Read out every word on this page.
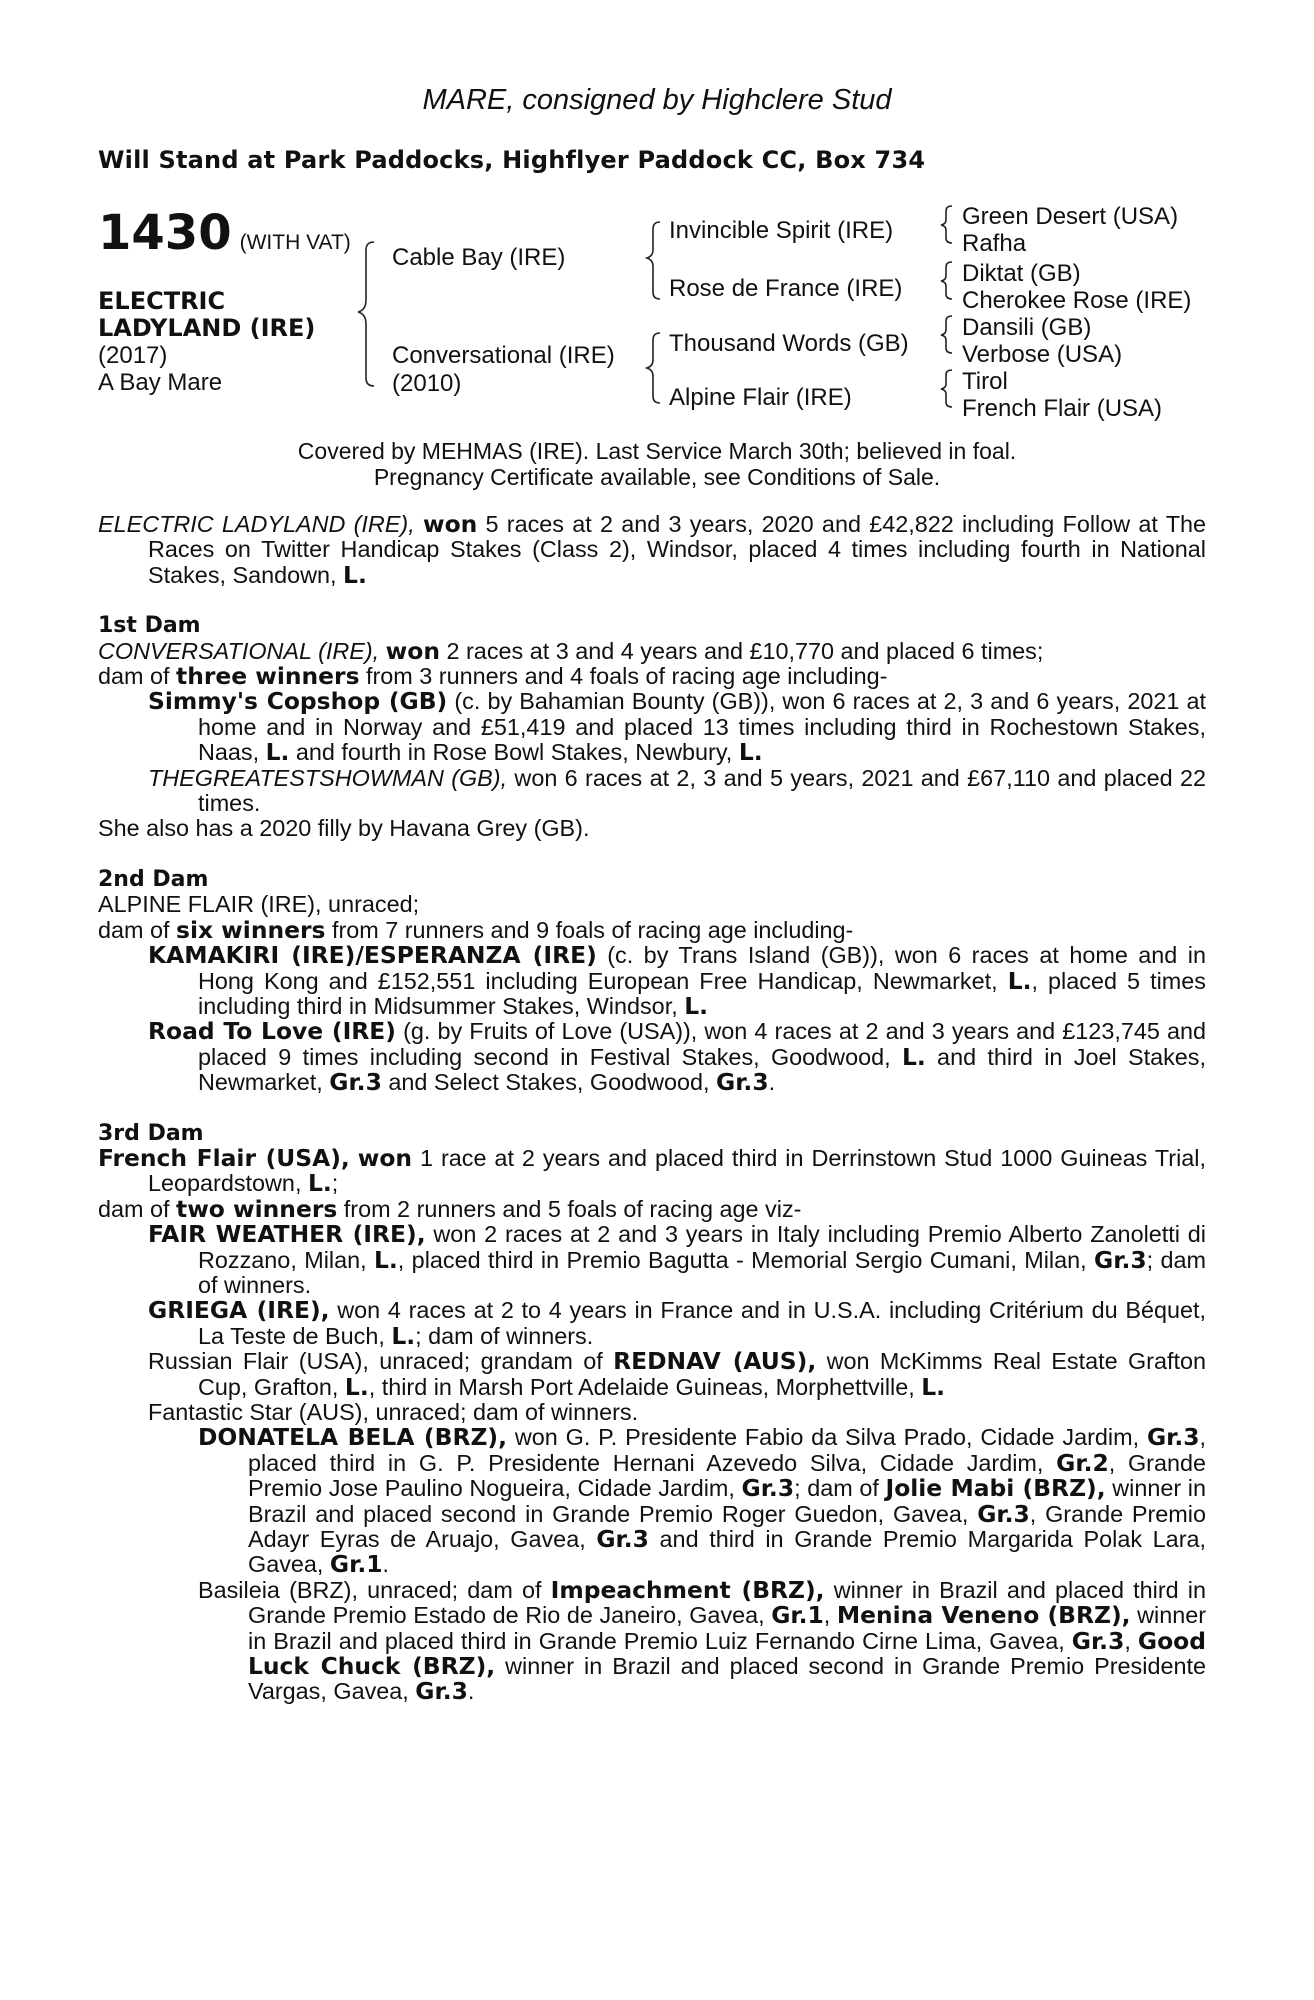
MARE, consigned by Highclere Stud
Will Stand at Park Paddocks, Highflyer Paddock CC, Box 734
1430 (WITH VAT)
ELECTRIC
LADYLAND (IRE)
(2017)
A Bay Mare
Cable Bay (IRE)
Conversational (IRE)
(2010)
Invincible Spirit (IRE)
Rose de France (IRE)
Thousand Words (GB)
Alpine Flair (IRE)
Green Desert (USA)
Rafha
Diktat (GB)
Cherokee Rose (IRE)
Dansili (GB)
Verbose (USA)
Tirol
French Flair (USA)
Covered by MEHMAS (IRE). Last Service March 30th; believed in foal.
Pregnancy Certificate available, see Conditions of Sale.

ELECTRIC LADYLAND (IRE), won 5 races at 2 and 3 years, 2020 and £42,822 including Follow at The Races on Twitter Handicap Stakes (Class 2), Windsor, placed 4 times including fourth in National Stakes, Sandown, L.

1st Dam

CONVERSATIONAL (IRE), won 2 races at 3 and 4 years and £10,770 and placed 6 times;

dam of three winners from 3 runners and 4 foals of racing age including-

Simmy's Copshop (GB) (c. by Bahamian Bounty (GB)), won 6 races at 2, 3 and 6 years, 2021 at home and in Norway and £51,419 and placed 13 times including third in Rochestown Stakes, Naas, L. and fourth in Rose Bowl Stakes, Newbury, L.

THEGREATESTSHOWMAN (GB), won 6 races at 2, 3 and 5 years, 2021 and £67,110 and placed 22 times.

She also has a 2020 filly by Havana Grey (GB).

2nd Dam

ALPINE FLAIR (IRE), unraced;

dam of six winners from 7 runners and 9 foals of racing age including-

KAMAKIRI (IRE)/ESPERANZA (IRE) (c. by Trans Island (GB)), won 6 races at home and in Hong Kong and £152,551 including European Free Handicap, Newmarket, L., placed 5 times including third in Midsummer Stakes, Windsor, L.

Road To Love (IRE) (g. by Fruits of Love (USA)), won 4 races at 2 and 3 years and £123,745 and placed 9 times including second in Festival Stakes, Goodwood, L. and third in Joel Stakes, Newmarket, Gr.3 and Select Stakes, Goodwood, Gr.3.

3rd Dam

French Flair (USA), won 1 race at 2 years and placed third in Derrinstown Stud 1000 Guineas Trial, Leopardstown, L.;

dam of two winners from 2 runners and 5 foals of racing age viz-

FAIR WEATHER (IRE), won 2 races at 2 and 3 years in Italy including Premio Alberto Zanoletti di Rozzano, Milan, L., placed third in Premio Bagutta - Memorial Sergio Cumani, Milan, Gr.3; dam of winners.

GRIEGA (IRE), won 4 races at 2 to 4 years in France and in U.S.A. including Critérium du Béquet, La Teste de Buch, L.; dam of winners.

Russian Flair (USA), unraced; grandam of REDNAV (AUS), won McKimms Real Estate Grafton Cup, Grafton, L., third in Marsh Port Adelaide Guineas, Morphettville, L.

Fantastic Star (AUS), unraced; dam of winners.

DONATELA BELA (BRZ), won G. P. Presidente Fabio da Silva Prado, Cidade Jardim, Gr.3, placed third in G. P. Presidente Hernani Azevedo Silva, Cidade Jardim, Gr.2, Grande Premio Jose Paulino Nogueira, Cidade Jardim, Gr.3; dam of Jolie Mabi (BRZ), winner in Brazil and placed second in Grande Premio Roger Guedon, Gavea, Gr.3, Grande Premio Adayr Eyras de Aruajo, Gavea, Gr.3 and third in Grande Premio Margarida Polak Lara, Gavea, Gr.1.

Basileia (BRZ), unraced; dam of Impeachment (BRZ), winner in Brazil and placed third in Grande Premio Estado de Rio de Janeiro, Gavea, Gr.1, Menina Veneno (BRZ), winner in Brazil and placed third in Grande Premio Luiz Fernando Cirne Lima, Gavea, Gr.3, Good Luck Chuck (BRZ), winner in Brazil and placed second in Grande Premio Presidente Vargas, Gavea, Gr.3.
